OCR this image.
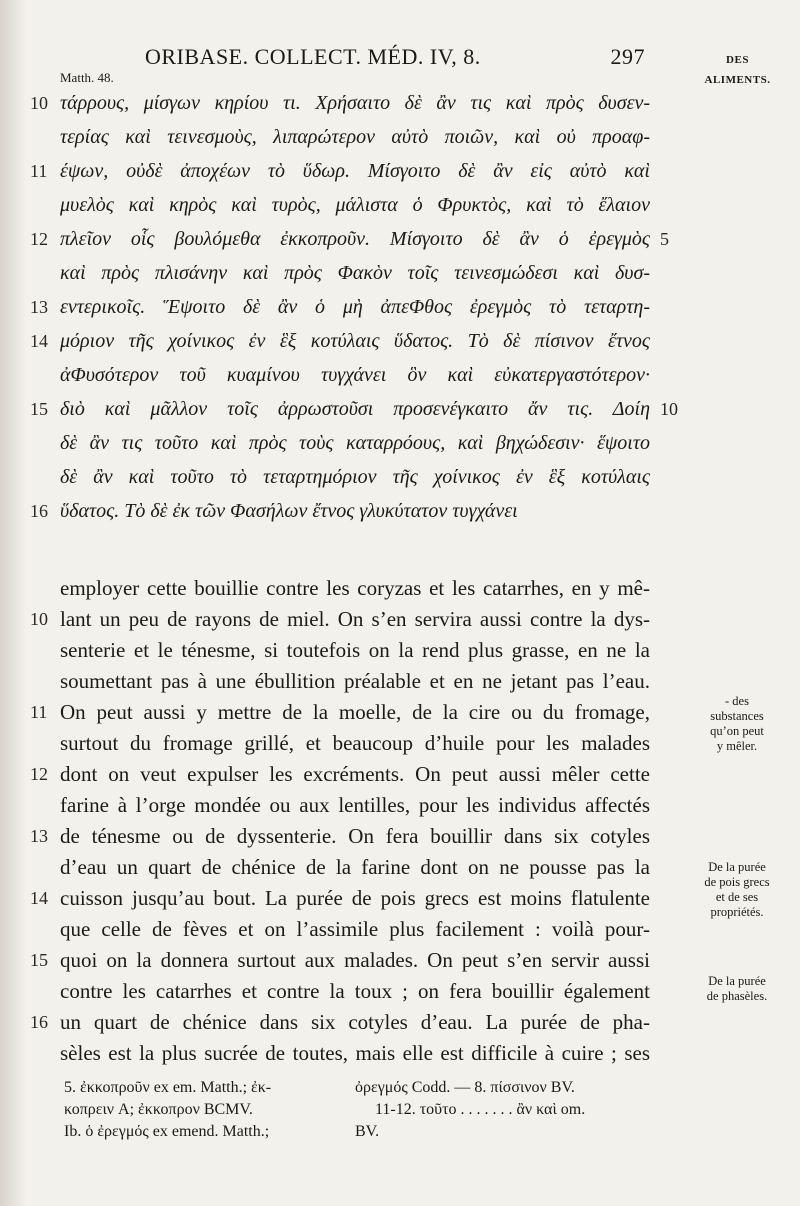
ORIBASE. COLLECT. MÉD. IV, 8.	297
Matth. 48.
DES
ALIMENTS.
10 τάρρους, μίσγων κηρίου τι. Χρήσαιτο δὲ ἂν τις καὶ πρὸς δυσεν-
τερίας καὶ τεινεσμοὺς, λιπαρώτερον αὐτὸ ποιῶν, καὶ οὐ προαφ-
11 έψων, οὐδὲ ἀποχέων τὸ ὕδωρ. Μίσγοιτο δὲ ἂν εἰς αὐτὸ καὶ
μυελὸς καὶ κηρὸς καὶ τυρὸς, μάλιστα ὁ Φρυκτὸς, καὶ τὸ ἔλαιον
12 πλεῖον οἷς βουλόμεθα ἐκκοπροῦν. Μίσγοιτο δὲ ἂν ὁ ἐρεγμὸς 5
καὶ πρὸς πλισάνην καὶ πρὸς Φακὸν τοῖς τεινεσμώδεσι καὶ δυσ-
13 εντερικοῖς. Ἕψοιτο δὲ ἂν ὁ μὴ ἀπεΦθος ἐρεγμὸς τὸ τεταρτη-
14 μόριον τῆς χοίνικος ἐν ἓξ κοτύλαις ὕδατος. Τὸ δὲ πίσινον ἔτνος
ἀΦυσότερον τοῦ κυαμίνου τυγχάνει ὃν καὶ εὐκατεργαστότερον·
15 διὸ καὶ μᾶλλον τοῖς ἀρρωστοῦσι προσενέγκαιτο ἄν τις. Δοίη 10
δὲ ἂν τις τοῦτο καὶ πρὸς τοὺς καταρρόους, καὶ βηχώδεσιν· ἕψοιτο
δὲ ἂν καὶ τοῦτο τὸ τεταρτημόριον τῆς χοίνικος ἐν ἓξ κοτύλαις
16 ὕδατος. Τὸ δὲ ἐκ τῶν Φασήλων ἔτνος γλυκύτατον τυγχάνει
employer cette bouillie contre les coryzas et les catarrhes, en y mê-
10 lant un peu de rayons de miel. On s’en servira aussi contre la dys-
senterie et le ténesme, si toutefois on la rend plus grasse, en ne la
soumettant pas à une ébullition préalable et en ne jetant pas l’eau.
11 On peut aussi y mettre de la moelle, de la cire ou du fromage,
surtout du fromage grillé, et beaucoup d’huile pour les malades
12 dont on veut expulser les excréments. On peut aussi mêler cette
farine à l’orge mondée ou aux lentilles, pour les individus affectés
13 de ténesme ou de dyssenterie. On fera bouillir dans six cotyles
d’eau un quart de chénice de la farine dont on ne pousse pas la
14 cuisson jusqu’au bout. La purée de pois grecs est moins flatulente
que celle de fèves et on l’assimile plus facilement : voilà pour-
15 quoi on la donnera surtout aux malades. On peut s’en servir aussi
contre les catarrhes et contre la toux ; on fera bouillir également
16 un quart de chénice dans six cotyles d’eau. La purée de pha-
sèles est la plus sucrée de toutes, mais elle est difficile à cuire ; ses
- des
substances
qu’on peut
y mêler.
De la purée
de pois grecs
et de ses
propriétés.
De la purée
de phasèles.
5. ἐκκοπροῦν ex em. Matth.; ἐκ-
κοπρειν A; ἐκκοπρον BCMV.
Ib. ὁ ἐρεγμός ex emend. Matth.;
ὀρεγμός Codd. — 8. πίσσινον BV.
11-12. τοῦτο . . . . . . . ἂν καὶ om.
BV.
